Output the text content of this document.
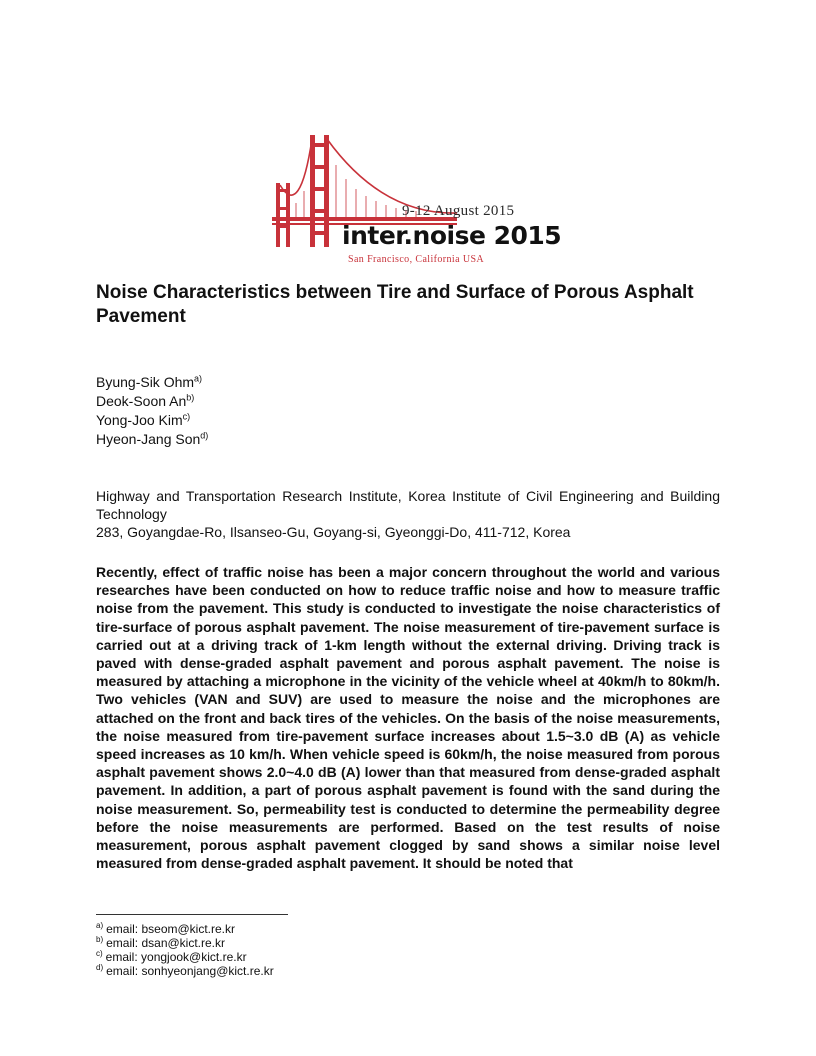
9-12 August 2015
inter.noise 2015
San Francisco, California USA
Noise Characteristics between Tire and Surface of Porous Asphalt Pavement
Byung-Sik Ohm$^{a)}$
Deok-Soon An$^{b)}$
Yong-Joo Kim$^{c)}$
Hyeon-Jang Son$^{d)}$
Highway and Transportation Research Institute, Korea Institute of Civil Engineering and Building Technology
283, Goyangdae-Ro, Ilsanseo-Gu, Goyang-si, Gyeonggi-Do, 411-712, Korea

Recently, effect of traffic noise has been a major concern throughout the world and various researches have been conducted on how to reduce traffic noise and how to measure traffic noise from the pavement. This study is conducted to investigate the noise characteristics of tire-surface of porous asphalt pavement. The noise measurement of tire-pavement surface is carried out at a driving track of 1-km length without the external driving. Driving track is paved with dense-graded asphalt pavement and porous asphalt pavement. The noise is measured by attaching a microphone in the vicinity of the vehicle wheel at 40km/h to 80km/h. Two vehicles (VAN and SUV) are used to measure the noise and the microphones are attached on the front and back tires of the vehicles. On the basis of the noise measurements, the noise measured from tire-pavement surface increases about 1.5~3.0 dB (A) as vehicle speed increases as 10 km/h. When vehicle speed is 60km/h, the noise measured from porous asphalt pavement shows 2.0~4.0 dB (A) lower than that measured from dense-graded asphalt pavement. In addition, a part of porous asphalt pavement is found with the sand during the noise measurement. So, permeability test is conducted to determine the permeability degree before the noise measurements are performed. Based on the test results of noise measurement, porous asphalt pavement clogged by sand shows a similar noise level measured from dense-graded asphalt pavement. It should be noted that

$^{a)}$ email: bseom@kict.re.kr
$^{b)}$ email: dsan@kict.re.kr
$^{c)}$ email: yongjook@kict.re.kr
$^{d)}$ email: sonhyeonjang@kict.re.kr
